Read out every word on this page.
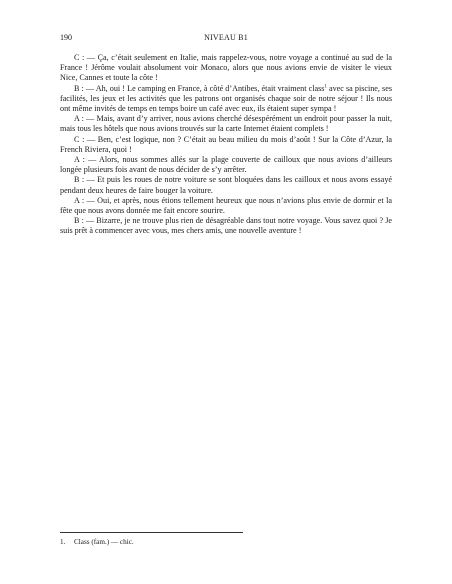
190	NIVEAU B1

C : — Ça, c’était seulement en Italie, mais rappelez-vous, notre voyage a continué au sud de la France ! Jérôme voulait absolument voir Monaco, alors que nous avions envie de visiter le vieux Nice, Cannes et toute la côte !

B : — Ah, oui ! Le camping en France, à côté d’Antibes, était vraiment class$^1$ avec sa piscine, ses facilités, les jeux et les activités que les patrons ont organisés chaque soir de notre séjour ! Ils nous ont même invités de temps en temps boire un café avec eux, ils étaient super sympa !

A : — Mais, avant d’y arriver, nous avions cherché désespérément un endroit pour passer la nuit, mais tous les hôtels que nous avions trouvés sur la carte Internet étaient complets !

C : — Ben, c’est logique, non ? C’était au beau milieu du mois d’août ! Sur la Côte d’Azur, la French Riviera, quoi !

A : — Alors, nous sommes allés sur la plage couverte de cailloux que nous avions d’ailleurs longée plusieurs fois avant de nous décider de s’y arrêter.

B : — Et puis les roues de notre voiture se sont bloquées dans les cailloux et nous avons essayé pendant deux heures de faire bouger la voiture.

A : — Oui, et après, nous étions tellement heureux que nous n’avions plus envie de dormir et la fête que nous avons donnée me fait encore sourire.

B : — Bizarre, je ne trouve plus rien de désagréable dans tout notre voyage. Vous savez quoi ? Je suis prêt à commencer avec vous, mes chers amis, une nouvelle aventure !

1. Class (fam.) — chic.
